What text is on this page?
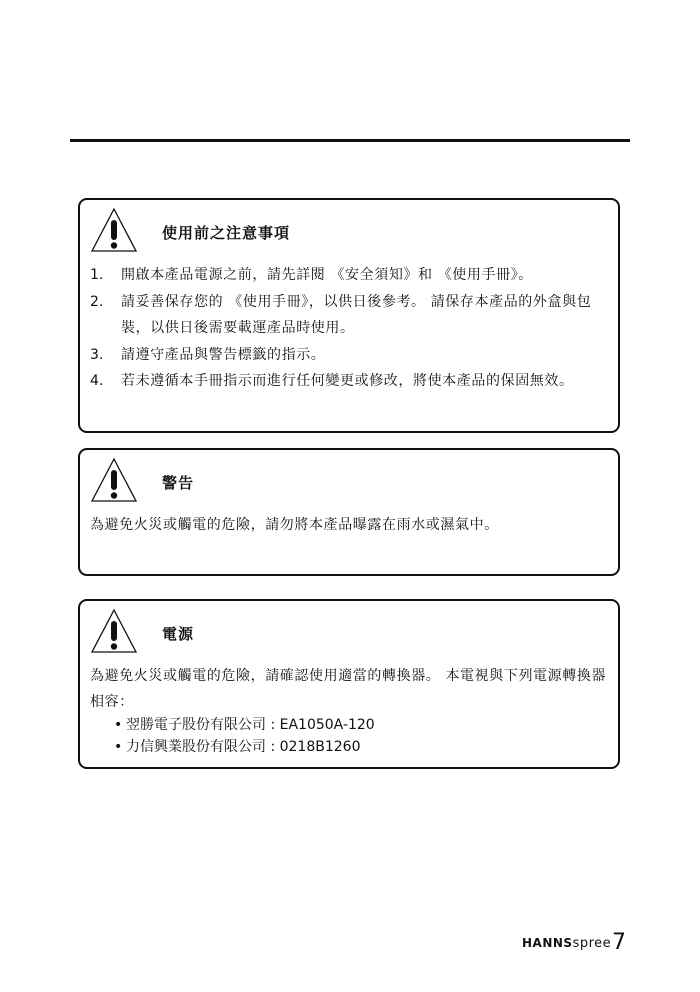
使用前之注意事項
1.	開啟本產品電源之前，請先詳閱 《安全須知》和 《使用手冊》。
2.	請妥善保存您的 《使用手冊》，以供日後參考。 請保存本產品的外盒與包裝，以供日後需要載運產品時使用。
3.	請遵守產品與警告標籤的指示。
4.	若未遵循本手冊指示而進行任何變更或修改，將使本產品的保固無效。
警告
為避免火災或觸電的危險，請勿將本產品曝露在雨水或濕氣中。
電源
為避免火災或觸電的危險，請確認使用適當的轉換器。 本電視與下列電源轉換器相容：
• 翌勝電子股份有限公司 : EA1050A-120
• 力信興業股份有限公司 : 0218B1260
HANNSspree 7
